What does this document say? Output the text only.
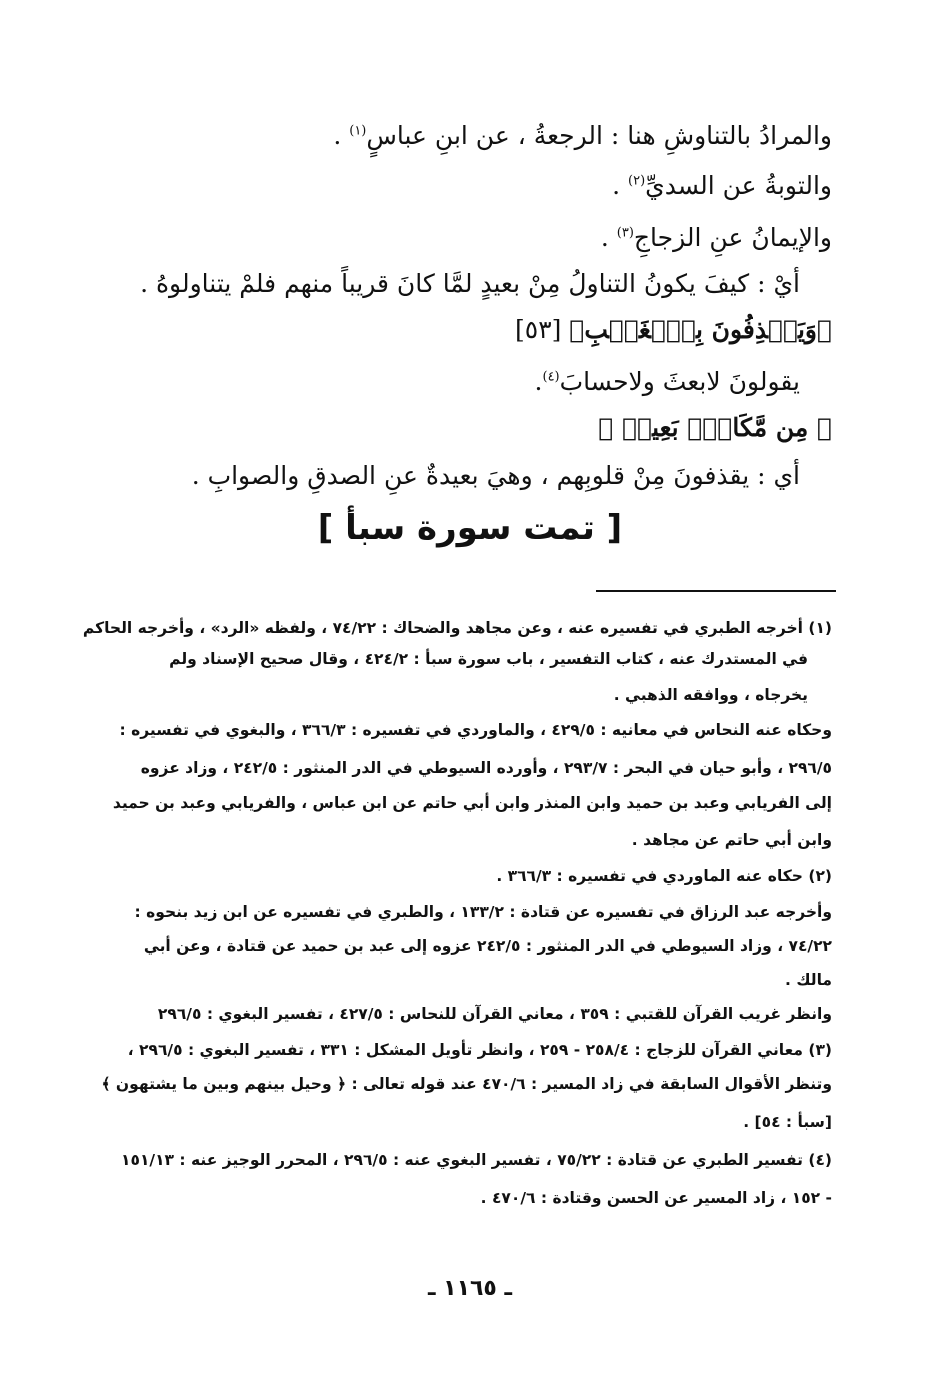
والمرادُ بالتناوشِ هنا : الرجعةُ ، عن ابنِ عباسٍ$^{(١)}$ .
والتوبةُ عن السديِّ$^{(٢)}$ .
والإيمانُ عنِ الزجاجِ$^{(٣)}$ .
أيْ : كيفَ يكونُ التناولُ مِنْ بعيدٍ لمَّا كانَ قريباً منهم فلمْ يتناولوهُ .
﴿وَيَقۡذِفُونَ بِٱلۡغَيۡبِ﴾ [٥٣]
يقولونَ لابعثَ ولاحسابَ$^{(٤)}$.
﴿ مِن مَّكَانِۭ بَعِيدٖ ﴾
أي : يقذفونَ مِنْ قلوبِهم ، وهيَ بعيدةٌ عنِ الصدقِ والصوابِ .
[ تمت سورة سبأ ]
(١) أخرجه الطبري في تفسيره عنه ، وعن مجاهد والضحاك : ٧٤/٢٢ ، ولفظه «الرد» ، وأخرجه الحاكم
في المستدرك عنه ، كتاب التفسير ، باب سورة سبأ : ٤٢٤/٢ ، وقال صحيح الإسناد ولم
يخرجاه ، ووافقه الذهبي .
وحكاه عنه النحاس في معانيه : ٤٢٩/٥ ، والماوردي في تفسيره : ٣٦٦/٣ ، والبغوي في تفسيره :
٢٩٦/٥ ، وأبو حيان في البحر : ٢٩٣/٧ ، وأورده السيوطي في الدر المنثور : ٢٤٢/٥ ، وزاد عزوه
إلى الفريابي وعبد بن حميد وابن المنذر وابن أبي حاتم عن ابن عباس ، والفريابي وعبد بن حميد
وابن أبي حاتم عن مجاهد .
(٢) حكاه عنه الماوردي في تفسيره : ٣٦٦/٣ .
وأخرجه عبد الرزاق في تفسيره عن قتادة : ١٣٣/٢ ، والطبري في تفسيره عن ابن زيد بنحوه :
٧٤/٢٢ ، وزاد السيوطي في الدر المنثور : ٢٤٢/٥ عزوه إلى عبد بن حميد عن قتادة ، وعن أبي
مالك .
وانظر غريب القرآن للقتبي : ٣٥٩ ، معاني القرآن للنحاس : ٤٢٧/٥ ، تفسير البغوي : ٢٩٦/٥
(٣) معاني القرآن للزجاج : ٢٥٨/٤ - ٢٥٩ ، وانظر تأويل المشكل : ٣٣١ ، تفسير البغوي : ٢٩٦/٥ ،
وتنظر الأقوال السابقة في زاد المسير : ٤٧٠/٦ عند قوله تعالى : ﴿ وحيل بينهم وبين ما يشتهون ﴾
[سبأ : ٥٤] .
(٤) تفسير الطبري عن قتادة : ٧٥/٢٢ ، تفسير البغوي عنه : ٢٩٦/٥ ، المحرر الوجيز عنه : ١٥١/١٣
- ١٥٢ ، زاد المسير عن الحسن وقتادة : ٤٧٠/٦ .
ـ ١١٦٥ ـ
